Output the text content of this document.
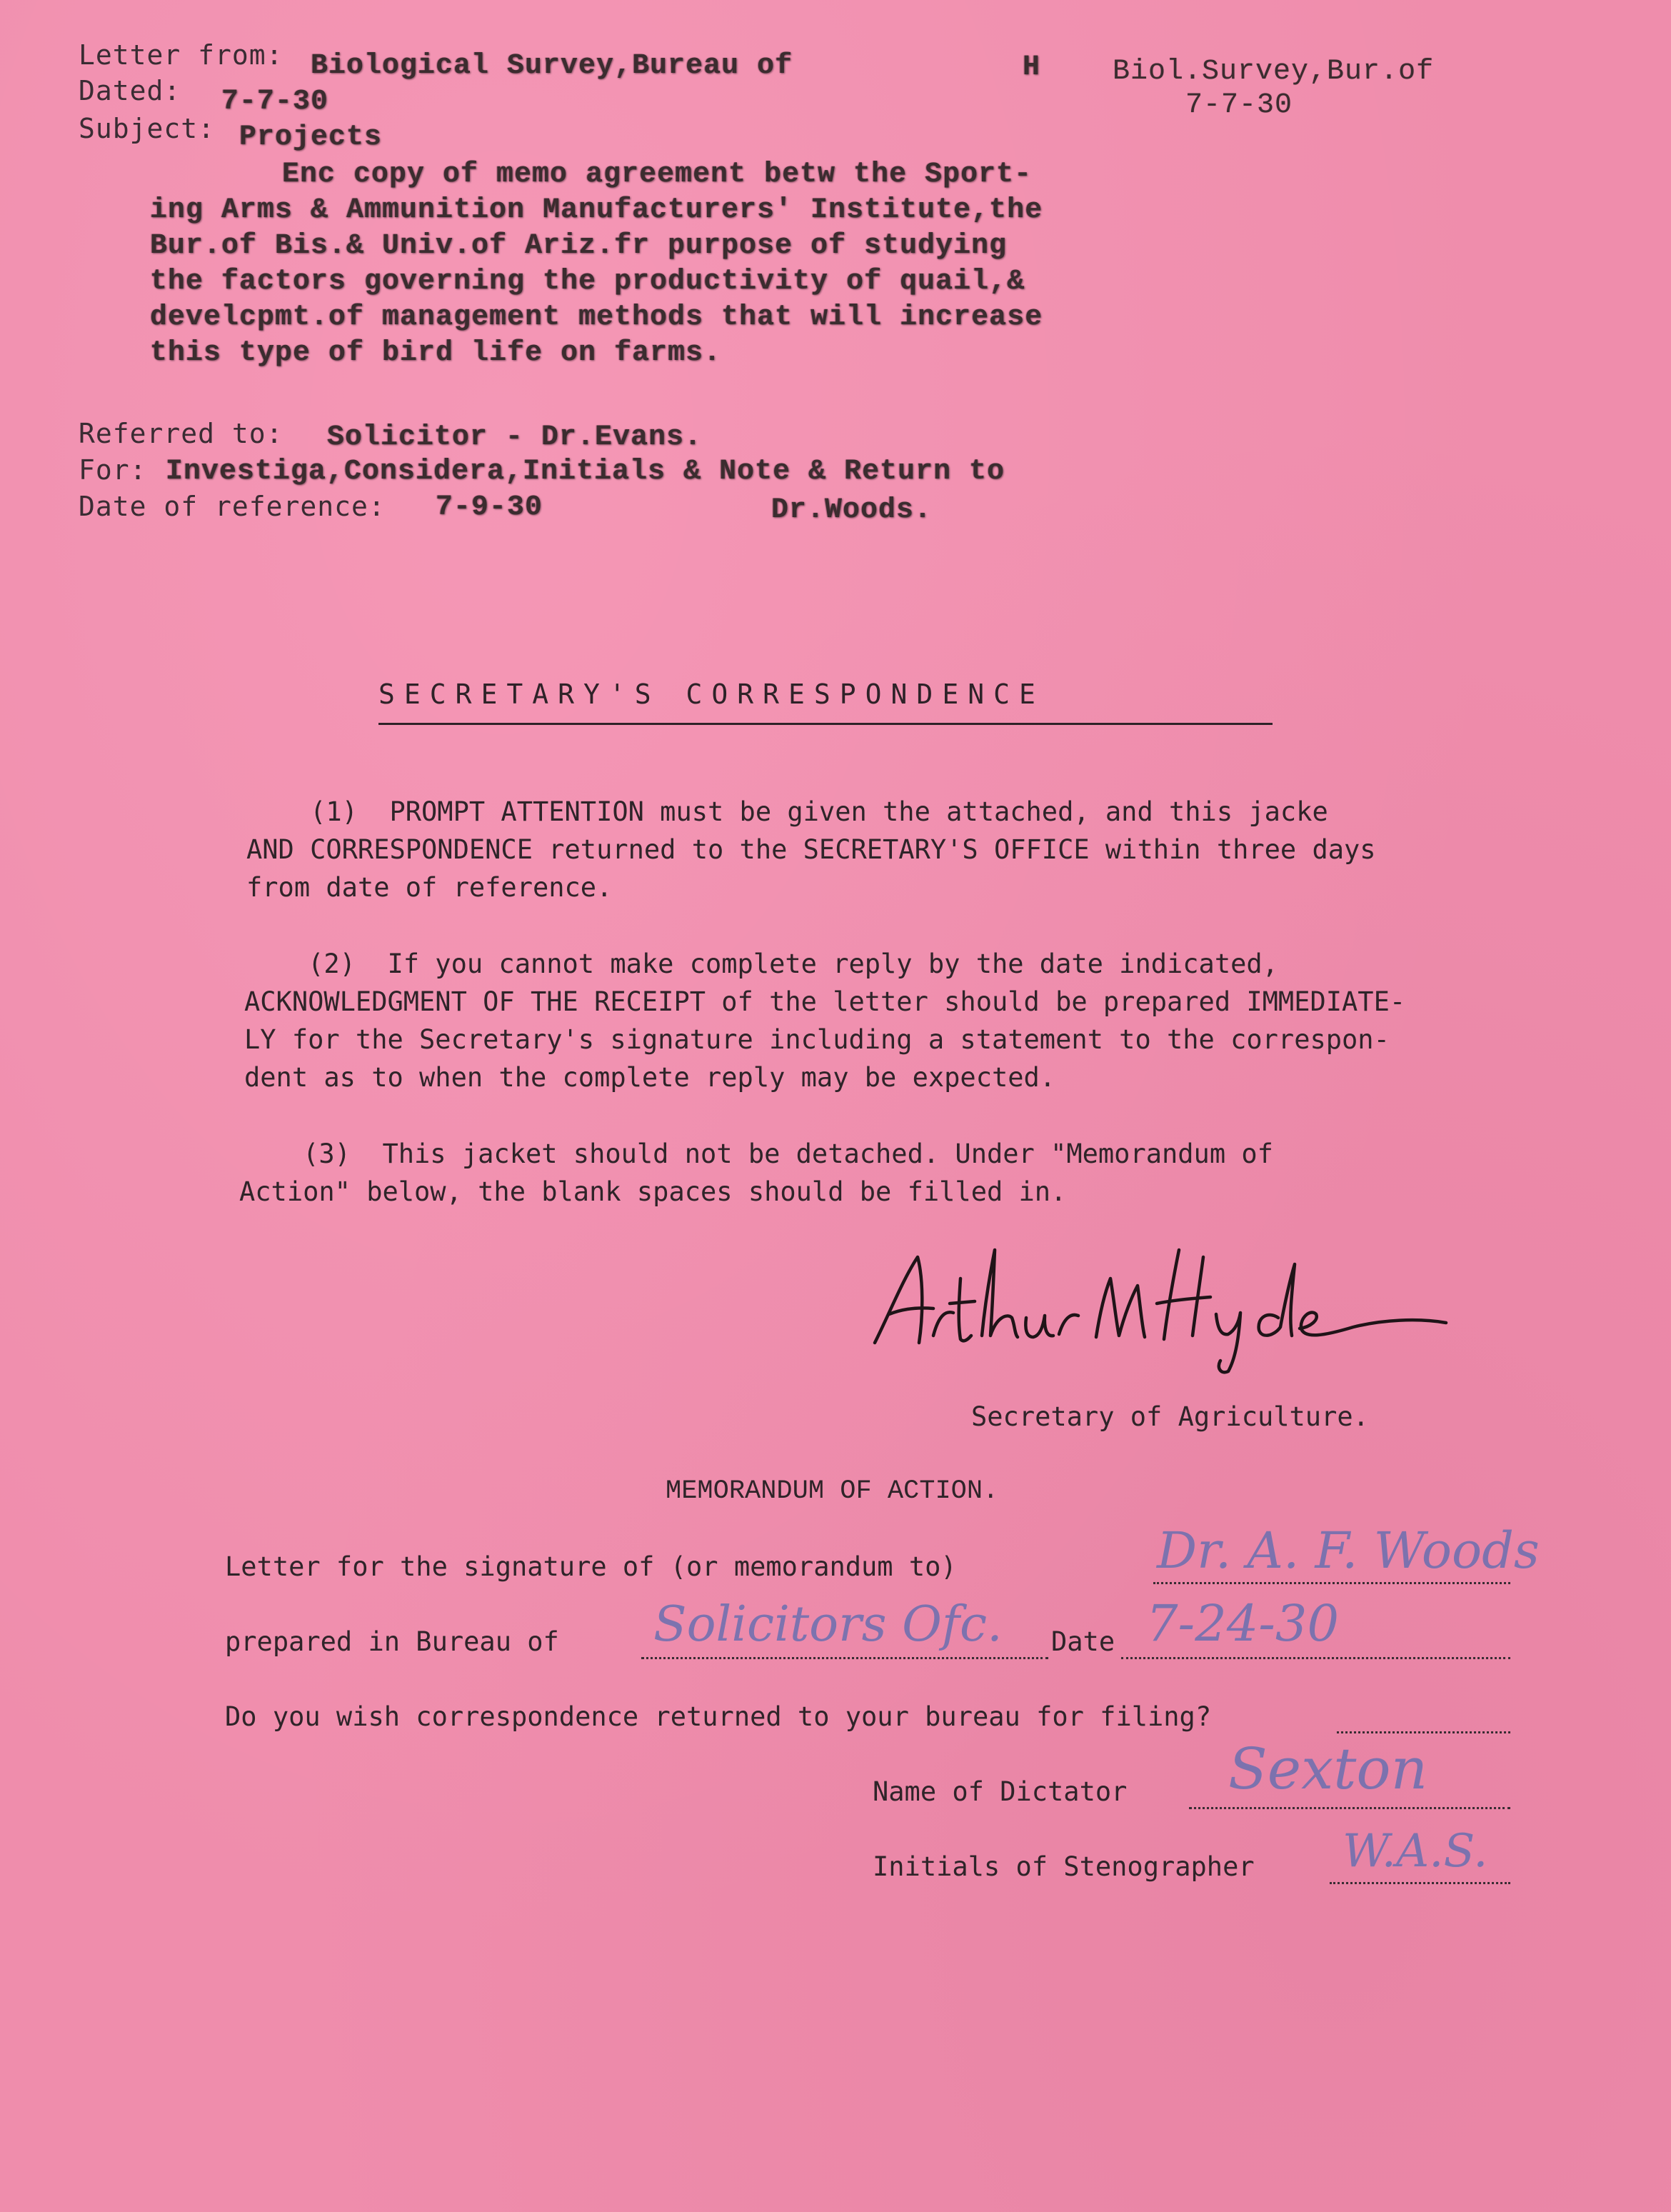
Letter from: Biological Survey,Bureau of
Dated: 7-7-30
Subject: Projects
H	Biol.Survey,Bur.of
7-7-30
Enc copy of memo agreement betw the Sport-
ing Arms & Ammunition Manufacturers' Institute,the
Bur.of Bis.& Univ.of Ariz.fr purpose of studying
the factors governing the productivity of quail,&
develcpmt.of management methods that will increase
this type of bird life on farms.
Referred to: Solicitor - Dr.Evans.
For: Investiga,Considera,Initials & Note & Return to
Date of reference: 7-9-30	Dr.Woods.
SECRETARY'S CORRESPONDENCE
(1)  PROMPT ATTENTION must be given the attached, and this jacke
AND CORRESPONDENCE returned to the SECRETARY'S OFFICE within three days
from date of reference.
(2)  If you cannot make complete reply by the date indicated,
ACKNOWLEDGMENT OF THE RECEIPT of the letter should be prepared IMMEDIATE-
LY for the Secretary's signature including a statement to the correspon-
dent as to when the complete reply may be expected.
(3)  This jacket should not be detached. Under "Memorandum of
Action" below, the blank spaces should be filled in.
Secretary of Agriculture.
MEMORANDUM OF ACTION.
Letter for the signature of (or memorandum to)	Dr. A. F. Woods
prepared in Bureau of Solicitors Ofc. Date 7-24-30
Do you wish correspondence returned to your bureau for filing?
Name of Dictator Sexton
Initials of Stenographer W.A.S.
